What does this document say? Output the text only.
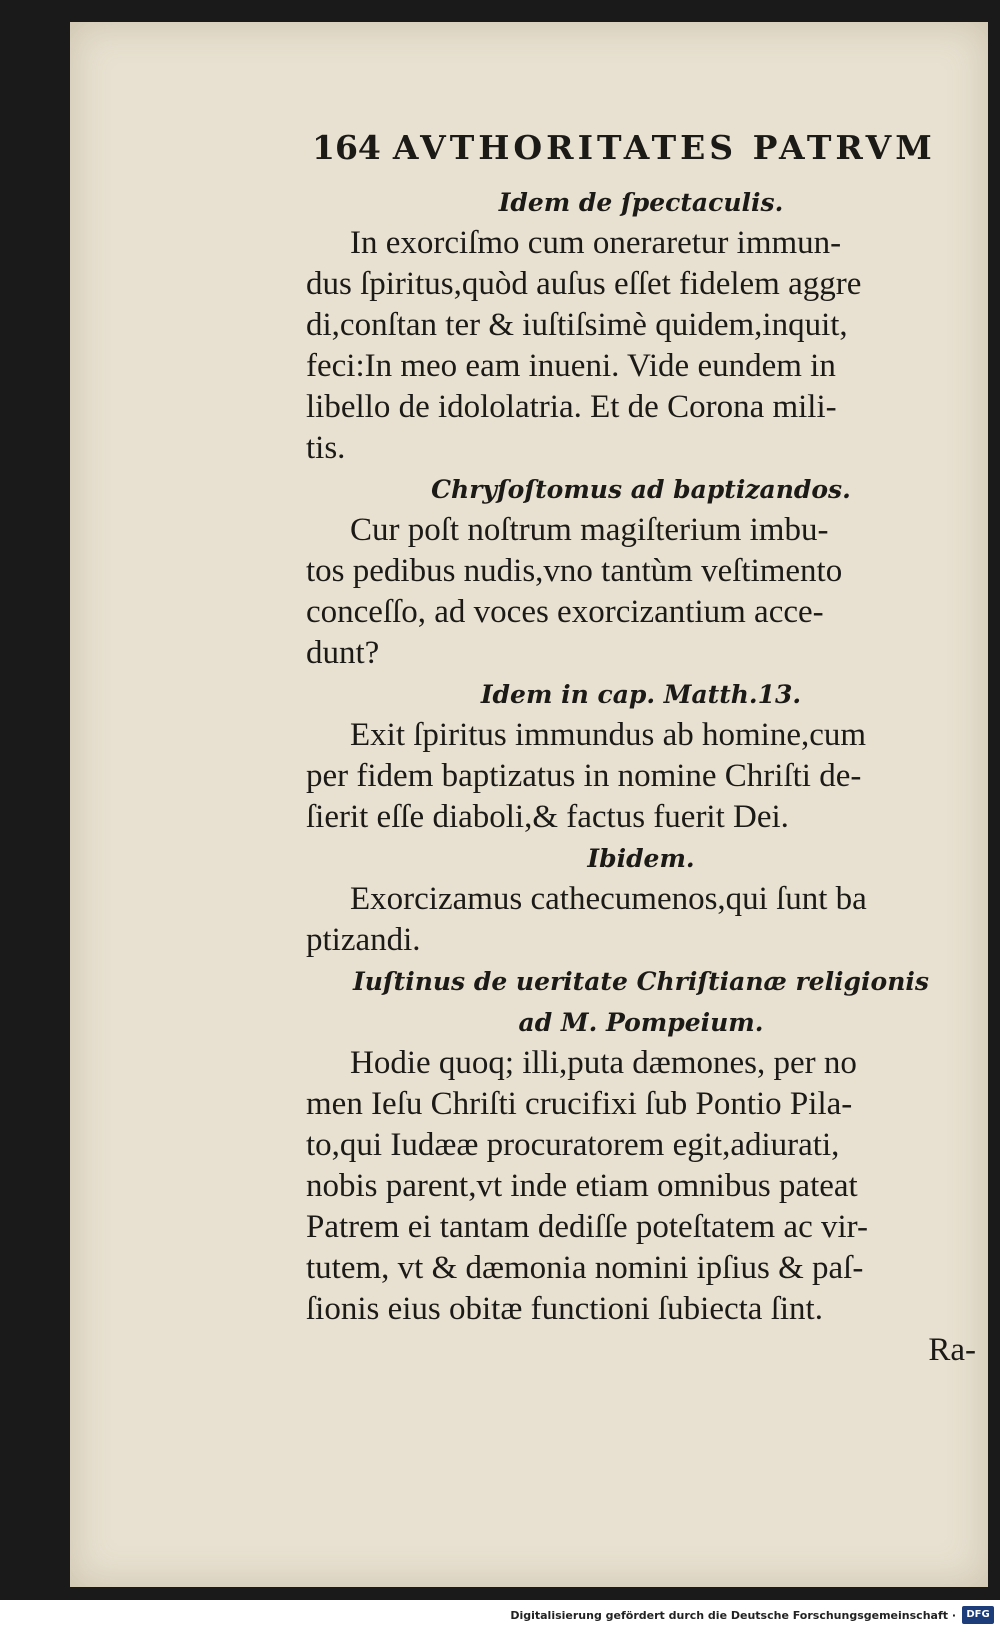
164 AVTHORITATES PATRVM
Idem de ſpectaculis.
In exorciſmo cum oneraretur immun-
dus ſpiritus,quòd auſus eſſet fidelem aggre
di,conſtan ter & iuſtiſsimè quidem,inquit,
feci:In meo eam inueni. Vide eundem in
libello de idololatria. Et de Corona mili-
tis.
Chryſoſtomus ad baptizandos.
Cur poſt noſtrum magiſterium imbu-
tos pedibus nudis,vno tantùm veſtimento
conceſſo, ad voces exorcizantium acce-
dunt?
Idem in cap. Matth.13.
Exit ſpiritus immundus ab homine,cum
per fidem baptizatus in nomine Chriſti de-
ſierit eſſe diaboli,& factus fuerit Dei.
Ibidem.
Exorcizamus cathecumenos,qui ſunt ba
ptizandi.
Iuſtinus de ueritate Chriſtianæ religionis
ad M. Pompeium.
Hodie quoq; illi,puta dæmones, per no
men Ieſu Chriſti crucifixi ſub Pontio Pila-
to,qui Iudææ procuratorem egit,adiurati,
nobis parent,vt inde etiam omnibus pateat
Patrem ei tantam dediſſe poteſtatem ac vir-
tutem, vt & dæmonia nomini ipſius & paſ-
ſionis eius obitæ functioni ſubiecta ſint.
Ra-
Digitalisierung gefördert durch die Deutsche Forschungsgemeinschaft ·	DFG
